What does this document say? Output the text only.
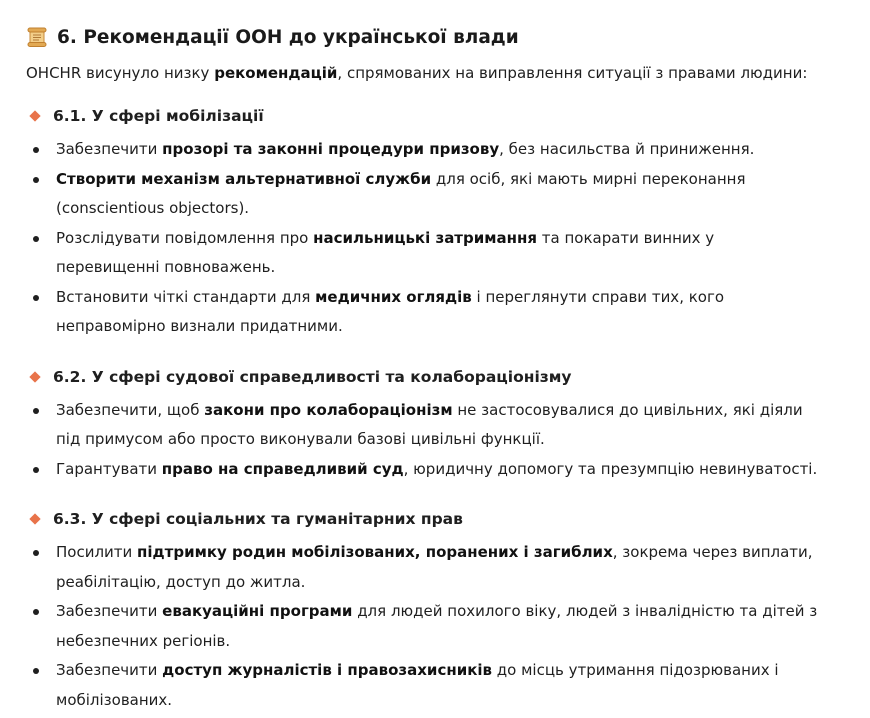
6. Рекомендації ООН до української влади

OHCHR висунуло низку рекомендацій, спрямованих на виправлення ситуації з правами людини:

6.1. У сфері мобілізації
Забезпечити прозорі та законні процедури призову, без насильства й приниження.
Створити механізм альтернативної служби для осіб, які мають мирні переконання
(conscientious objectors).
Розслідувати повідомлення про насильницькі затримання та покарати винних у
перевищенні повноважень.
Встановити чіткі стандарти для медичних оглядів і переглянути справи тих, кого
неправомірно визнали придатними.
6.2. У сфері судової справедливості та колабораціонізму
Забезпечити, щоб закони про колабораціонізм не застосовувалися до цивільних, які діяли
під примусом або просто виконували базові цивільні функції.
Гарантувати право на справедливий суд, юридичну допомогу та презумпцію невинуватості.
6.3. У сфері соціальних та гуманітарних прав
Посилити підтримку родин мобілізованих, поранених і загиблих, зокрема через виплати,
реабілітацію, доступ до житла.
Забезпечити евакуаційні програми для людей похилого віку, людей з інвалідністю та дітей з
небезпечних регіонів.
Забезпечити доступ журналістів і правозахисників до місць утримання підозрюваних і
мобілізованих.
